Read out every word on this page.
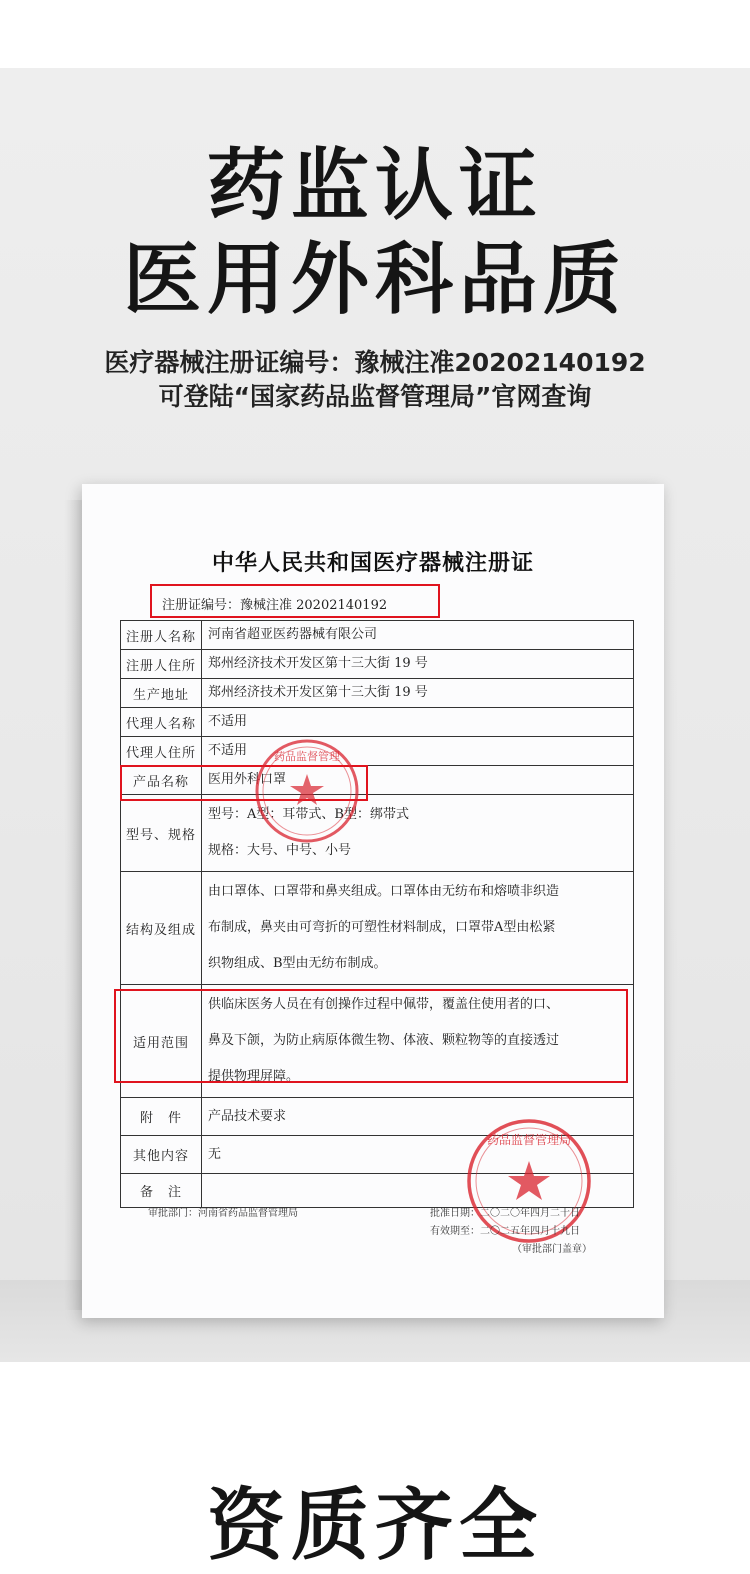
药监认证
医用外科品质
医疗器械注册证编号：豫械注准20202140192
可登陆“国家药品监督管理局”官网查询
中华人民共和国医疗器械注册证
注册证编号：豫械注准 20202140192
注册人名称	河南省超亚医药器械有限公司
注册人住所	郑州经济技术开发区第十三大街 19 号
生产地址	郑州经济技术开发区第十三大街 19 号
代理人名称	不适用
代理人住所	不适用
产品名称	医用外科口罩
型号、规格	型号：A型：耳带式、B型：绑带式
规格：大号、中号、小号

结构及组成	由口罩体、口罩带和鼻夹组成。口罩体由无纺布和熔喷非织造
布制成，鼻夹由可弯折的可塑性材料制成，口罩带A型由松紧
织物组成、B型由无纺布制成。

适用范围	供临床医务人员在有创操作过程中佩带，覆盖住使用者的口、
鼻及下颌，为防止病原体微生物、体液、颗粒物等的直接透过
提供物理屏障。

附　件	产品技术要求
其他内容	无
备　注	
药品监督管理
药品监督管理局
审批部门：河南省药品监督管理局	批准日期：二〇二〇年四月二十日
有效期至：二〇二五年四月十九日
（审批部门盖章）
资质齐全
